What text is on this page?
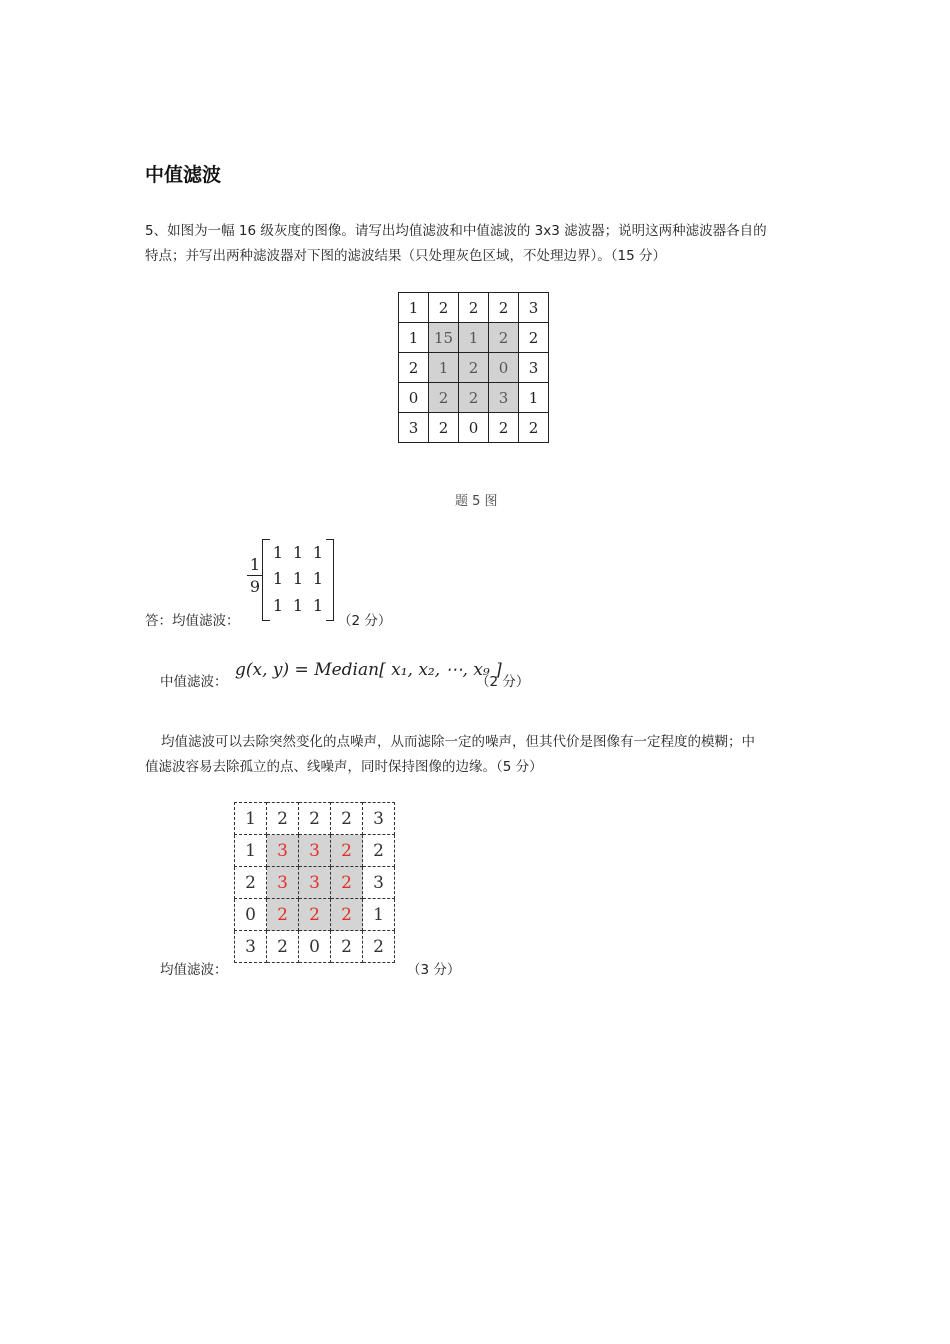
中值滤波
5、如图为一幅 16 级灰度的图像。请写出均值滤波和中值滤波的 3x3 滤波器；说明这两种滤波器各自的
特点；并写出两种滤波器对下图的滤波结果（只处理灰色区域，不处理边界）。（15 分）
1	2	2	2	3
1	15	1	2	2
2	1	2	0	3
0	2	2	3	1
3	2	0	2	2
题 5 图
答：均值滤波：
1
9
1 1 1
1 1 1
1 1 1
（2 分）
中值滤波：
g(x, y) = Median[ x₁, x₂, ⋯, x₉ ]
（2 分）
均值滤波可以去除突然变化的点噪声，从而滤除一定的噪声，但其代价是图像有一定程度的模糊；中
值滤波容易去除孤立的点、线噪声，同时保持图像的边缘。（5 分）
1	2	2	2	3
1	3	3	2	2
2	3	3	2	3
0	2	2	2	1
3	2	0	2	2
均值滤波：	（3 分）
